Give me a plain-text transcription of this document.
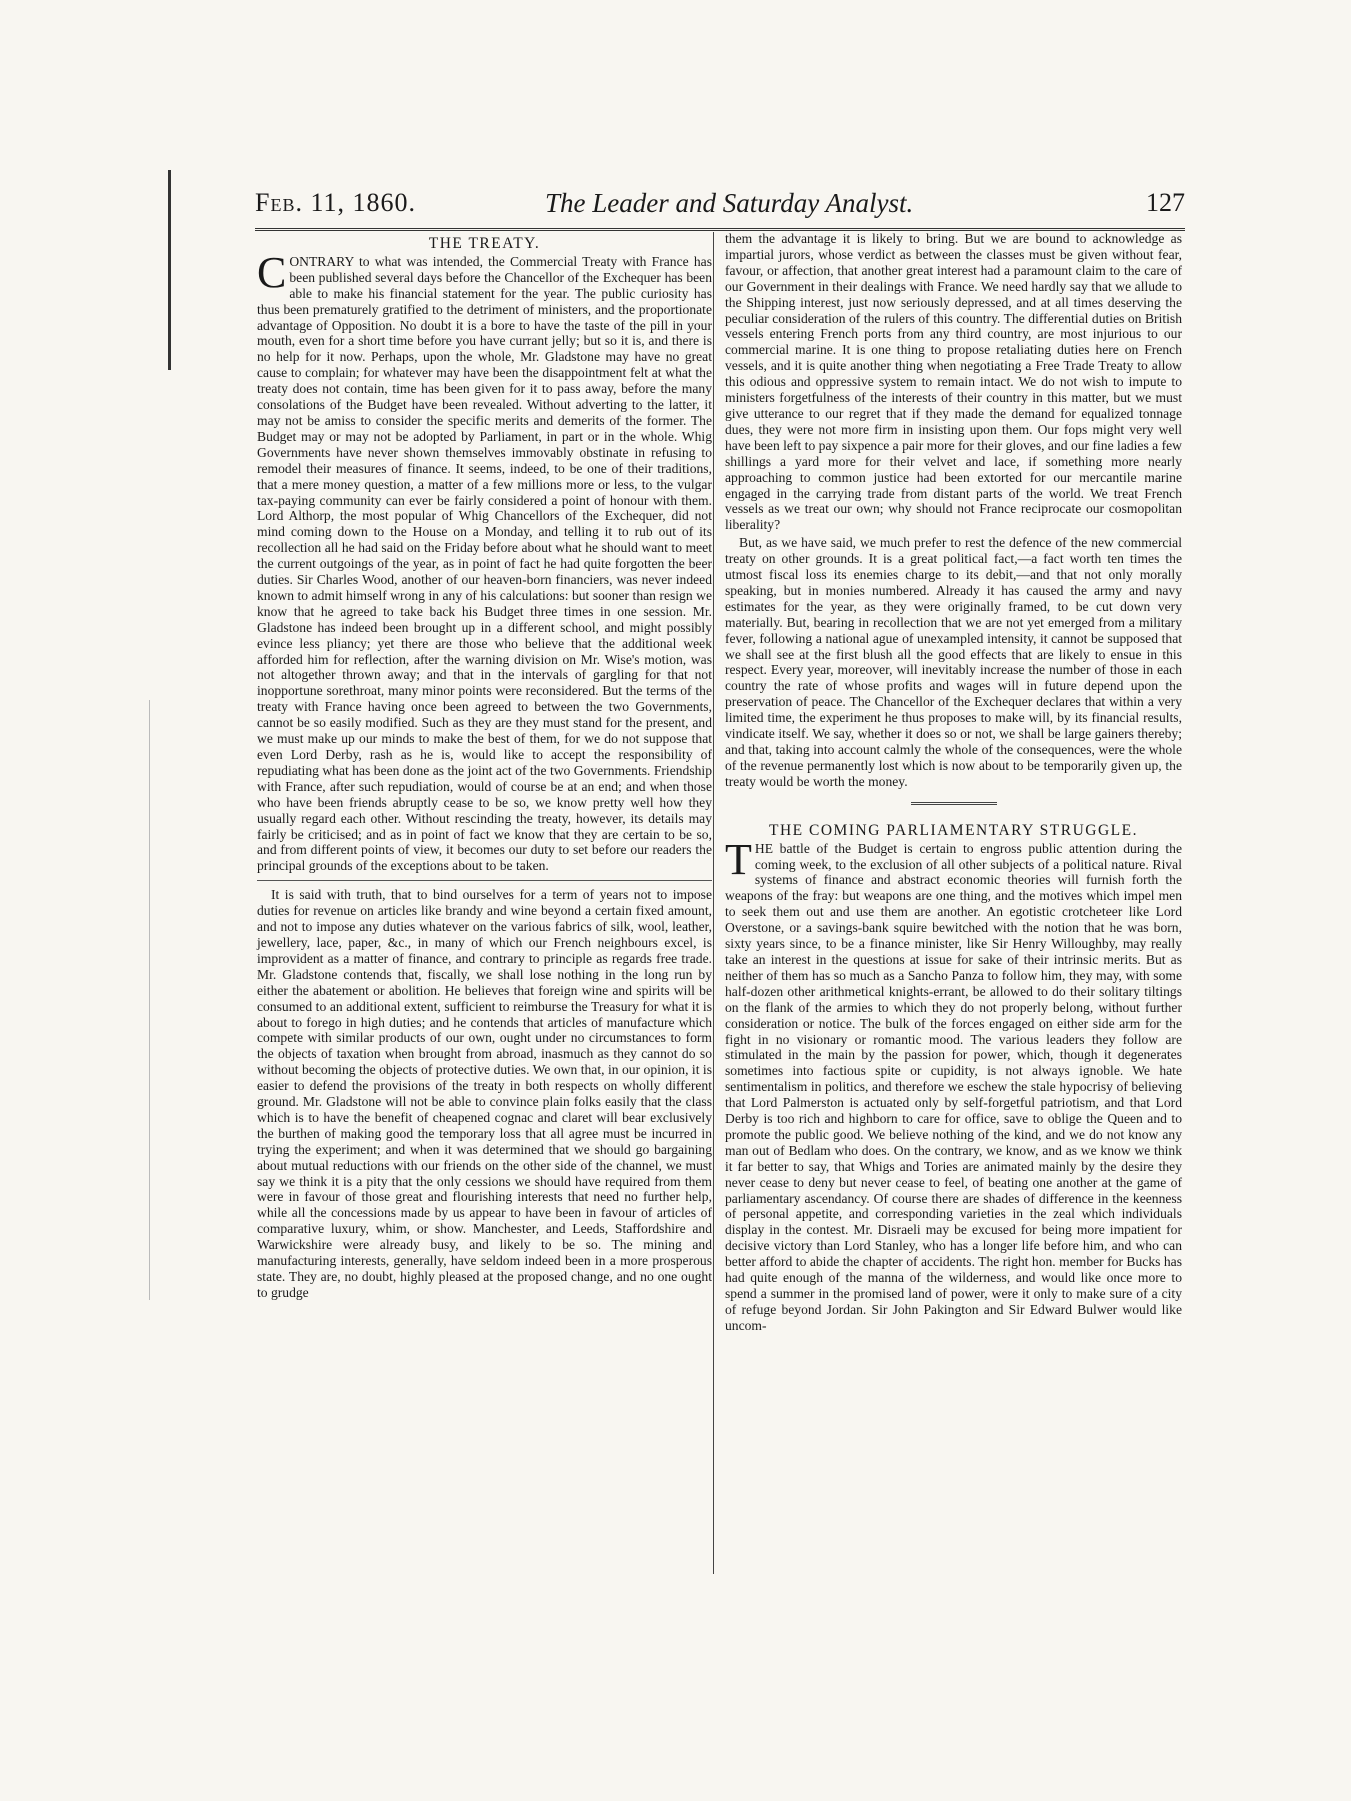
Feb. 11, 1860.	The Leader and Saturday Analyst.	127
THE TREATY.

CONTRARY to what was intended, the Commercial Treaty with France has been published several days before the Chancellor of the Exchequer has been able to make his financial statement for the year. The public curiosity has thus been prematurely gratified to the detriment of ministers, and the proportionate advantage of Opposition. No doubt it is a bore to have the taste of the pill in your mouth, even for a short time before you have currant jelly; but so it is, and there is no help for it now. Perhaps, upon the whole, Mr. Gladstone may have no great cause to complain; for whatever may have been the disappointment felt at what the treaty does not contain, time has been given for it to pass away, before the many consolations of the Budget have been revealed. Without adverting to the latter, it may not be amiss to consider the specific merits and demerits of the former. The Budget may or may not be adopted by Parliament, in part or in the whole. Whig Governments have never shown themselves immovably obstinate in refusing to remodel their measures of finance. It seems, indeed, to be one of their traditions, that a mere money question, a matter of a few millions more or less, to the vulgar tax-paying community can ever be fairly considered a point of honour with them. Lord Althorp, the most popular of Whig Chancellors of the Exchequer, did not mind coming down to the House on a Monday, and telling it to rub out of its recollection all he had said on the Friday before about what he should want to meet the current outgoings of the year, as in point of fact he had quite forgotten the beer duties. Sir Charles Wood, another of our heaven-born financiers, was never indeed known to admit himself wrong in any of his calculations: but sooner than resign we know that he agreed to take back his Budget three times in one session. Mr. Gladstone has indeed been brought up in a different school, and might possibly evince less pliancy; yet there are those who believe that the additional week afforded him for reflection, after the warning division on Mr. Wise's motion, was not altogether thrown away; and that in the intervals of gargling for that not inopportune sorethroat, many minor points were reconsidered. But the terms of the treaty with France having once been agreed to between the two Governments, cannot be so easily modified. Such as they are they must stand for the present, and we must make up our minds to make the best of them, for we do not suppose that even Lord Derby, rash as he is, would like to accept the responsibility of repudiating what has been done as the joint act of the two Governments. Friendship with France, after such repudiation, would of course be at an end; and when those who have been friends abruptly cease to be so, we know pretty well how they usually regard each other. Without rescinding the treaty, however, its details may fairly be criticised; and as in point of fact we know that they are certain to be so, and from different points of view, it becomes our duty to set before our readers the principal grounds of the exceptions about to be taken.

It is said with truth, that to bind ourselves for a term of years not to impose duties for revenue on articles like brandy and wine beyond a certain fixed amount, and not to impose any duties whatever on the various fabrics of silk, wool, leather, jewellery, lace, paper, &c., in many of which our French neighbours excel, is improvident as a matter of finance, and contrary to principle as regards free trade. Mr. Gladstone contends that, fiscally, we shall lose nothing in the long run by either the abatement or abolition. He believes that foreign wine and spirits will be consumed to an additional extent, sufficient to reimburse the Treasury for what it is about to forego in high duties; and he contends that articles of manufacture which compete with similar products of our own, ought under no circumstances to form the objects of taxation when brought from abroad, inasmuch as they cannot do so without becoming the objects of protective duties. We own that, in our opinion, it is easier to defend the provisions of the treaty in both respects on wholly different ground. Mr. Gladstone will not be able to convince plain folks easily that the class which is to have the benefit of cheapened cognac and claret will bear exclusively the burthen of making good the temporary loss that all agree must be incurred in trying the experiment; and when it was determined that we should go bargaining about mutual reductions with our friends on the other side of the channel, we must say we think it is a pity that the only cessions we should have required from them were in favour of those great and flourishing interests that need no further help, while all the concessions made by us appear to have been in favour of articles of comparative luxury, whim, or show. Manchester, and Leeds, Staffordshire and Warwickshire were already busy, and likely to be so. The mining and manufacturing interests, generally, have seldom indeed been in a more prosperous state. They are, no doubt, highly pleased at the proposed change, and no one ought to grudge

them the advantage it is likely to bring. But we are bound to acknowledge as impartial jurors, whose verdict as between the classes must be given without fear, favour, or affection, that another great interest had a paramount claim to the care of our Government in their dealings with France. We need hardly say that we allude to the Shipping interest, just now seriously depressed, and at all times deserving the peculiar consideration of the rulers of this country. The differential duties on British vessels entering French ports from any third country, are most injurious to our commercial marine. It is one thing to propose retaliating duties here on French vessels, and it is quite another thing when negotiating a Free Trade Treaty to allow this odious and oppressive system to remain intact. We do not wish to impute to ministers forgetfulness of the interests of their country in this matter, but we must give utterance to our regret that if they made the demand for equalized tonnage dues, they were not more firm in insisting upon them. Our fops might very well have been left to pay sixpence a pair more for their gloves, and our fine ladies a few shillings a yard more for their velvet and lace, if something more nearly approaching to common justice had been extorted for our mercantile marine engaged in the carrying trade from distant parts of the world. We treat French vessels as we treat our own; why should not France reciprocate our cosmopolitan liberality?

But, as we have said, we much prefer to rest the defence of the new commercial treaty on other grounds. It is a great political fact,—a fact worth ten times the utmost fiscal loss its enemies charge to its debit,—and that not only morally speaking, but in monies numbered. Already it has caused the army and navy estimates for the year, as they were originally framed, to be cut down very materially. But, bearing in recollection that we are not yet emerged from a military fever, following a national ague of unexampled intensity, it cannot be supposed that we shall see at the first blush all the good effects that are likely to ensue in this respect. Every year, moreover, will inevitably increase the number of those in each country the rate of whose profits and wages will in future depend upon the preservation of peace. The Chancellor of the Exchequer declares that within a very limited time, the experiment he thus proposes to make will, by its financial results, vindicate itself. We say, whether it does so or not, we shall be large gainers thereby; and that, taking into account calmly the whole of the consequences, were the whole of the revenue permanently lost which is now about to be temporarily given up, the treaty would be worth the money.

THE COMING PARLIAMENTARY STRUGGLE.

THE battle of the Budget is certain to engross public attention during the coming week, to the exclusion of all other subjects of a political nature. Rival systems of finance and abstract economic theories will furnish forth the weapons of the fray: but weapons are one thing, and the motives which impel men to seek them out and use them are another. An egotistic crotcheteer like Lord Overstone, or a savings-bank squire bewitched with the notion that he was born, sixty years since, to be a finance minister, like Sir Henry Willoughby, may really take an interest in the questions at issue for sake of their intrinsic merits. But as neither of them has so much as a Sancho Panza to follow him, they may, with some half-dozen other arithmetical knights-errant, be allowed to do their solitary tiltings on the flank of the armies to which they do not properly belong, without further consideration or notice. The bulk of the forces engaged on either side arm for the fight in no visionary or romantic mood. The various leaders they follow are stimulated in the main by the passion for power, which, though it degenerates sometimes into factious spite or cupidity, is not always ignoble. We hate sentimentalism in politics, and therefore we eschew the stale hypocrisy of believing that Lord Palmerston is actuated only by self-forgetful patriotism, and that Lord Derby is too rich and highborn to care for office, save to oblige the Queen and to promote the public good. We believe nothing of the kind, and we do not know any man out of Bedlam who does. On the contrary, we know, and as we know we think it far better to say, that Whigs and Tories are animated mainly by the desire they never cease to deny but never cease to feel, of beating one another at the game of parliamentary ascendancy. Of course there are shades of difference in the keenness of personal appetite, and corresponding varieties in the zeal which individuals display in the contest. Mr. Disraeli may be excused for being more impatient for decisive victory than Lord Stanley, who has a longer life before him, and who can better afford to abide the chapter of accidents. The right hon. member for Bucks has had quite enough of the manna of the wilderness, and would like once more to spend a summer in the promised land of power, were it only to make sure of a city of refuge beyond Jordan. Sir John Pakington and Sir Edward Bulwer would like uncom-
